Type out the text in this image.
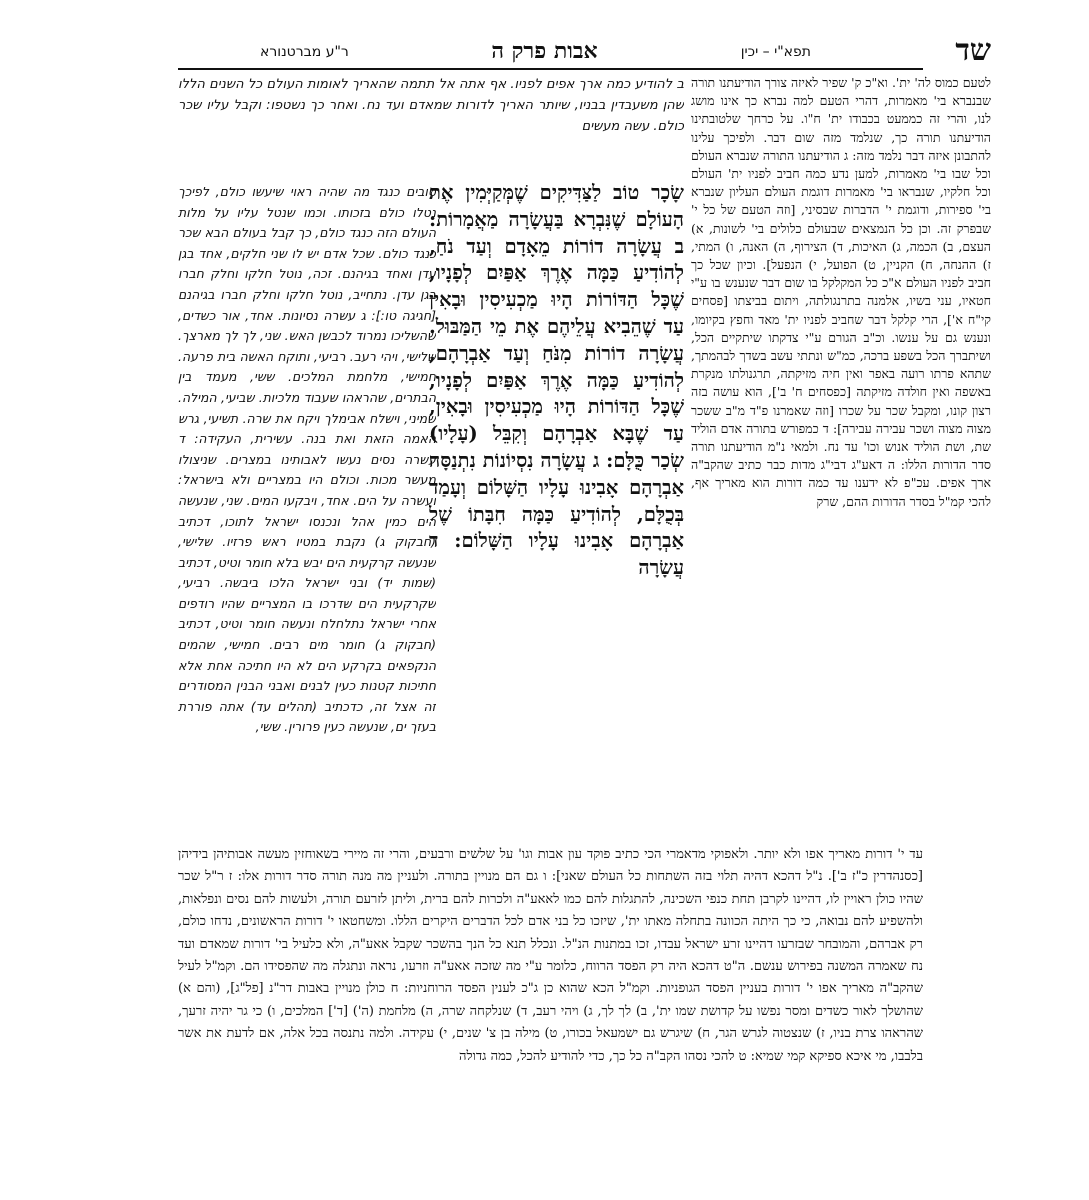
שד
תפא"י – יכין
אבות פרק ה
ר"ע מברטנורא
לטעם כמוס לה' ית'. וא"כ ק' שפיר לאיזה צורך הודיעתנו תורה שבנברא בי' מאמרות, דהרי הטעם למה נברא כך אינו מושג לנו, והרי זה כממעט בכבודו ית' ח"ו. על כרחך שלטובתינו הודיעתנו תורה כך, שנלמד מזה שום דבר. ולפיכך עלינו להתבונן איזה דבר נלמד מזה: ג הודיעתנו התורה שנברא העולם וכל שבו בי' מאמרות, למען נדע כמה חביב לפניו ית' העולם וכל חלקיו, שנבראו בי' מאמרות דוגמת העולם העליון שנברא בי' ספירות, ודוגמת י' הדברות שבסיני, [וזה הטעם של כל י' שבפרק זה. וכן כל הנמצאים שבעולם כלולים בי' לשונות, א) העצם, ב) הכמה, ג) האיכות, ד) הצירוף, ה) האנה, ו) המתי, ז) ההנחה, ח) הקניין, ט) הפועל, י) הנפעל]. וכיון שכל כך חביב לפניו העולם א"כ כל המקלקל בו שום דבר שנענש בו ע"י חטאיו, עני בשיו, אלמנה בתרנגולתה, ויתום בביצתו [פסחים קי"ח א'], הרי קלקל דבר שחביב לפניו ית' מאד וחפץ בקיומו, ונענש גם על ענשו. וכ"ב הגורם ע"י צדקתו שיתקיים הכל, ושיתברך הכל בשפע ברכה, כמ"ש ונתתי עשב בשדך לבהמתך, שתהא פרתו רועה באפר ואין חיה מזיקתה, תרגנולתו מנקרת באשפה ואין חולדה מזיקתה [כפסחים ח' ב'], הוא עושה בזה רצון קונו, ומקבל שכר על שכרו [וזה שאמרנו פ"ד מ"ב ששכר מצוה מצוה ושכר עבירה עבירה]: ד כמפורש בתורה אדם הוליד שת, ושת הוליד אנוש וכו' עד נח. ולמאי נ"מ הודיעתנו תורה סדר הדורות הללו: ה דאע"ג דבי"ג מדות כבר כתיב שהקב"ה ארך אפים. עכ"פ לא ידענו עד כמה דורות הוא מאריך אף, להכי קמ"ל בסדר הדורות ההם, שרק
ב להודיע כמה ארך אפים לפניו. אף אתה אל תתמה שהאריך לאומות העולם כל השנים הללו שהן משעבדין בבניו, שיותר האריך לדורות שמאדם ועד נח. ואחר כך נשטפו: וקבל עליו שכר כולם. עשה מעשים
שָׂכָר טוֹב לַצַּדִּיקִים שֶׁמְּקַיְּמִין אֶת הָעוֹלָם שֶׁנִּבְרָא בַּעֲשָׂרָה מַאֲמָרוֹת: ב עֲשָׂרָה דוֹרוֹת מֵאָדָם וְעַד נֹחַ, לְהוֹדִיעַ כַּמָּה אֶרֶךְ אַפַּיִם לְפָנָיו, שֶׁכָּל הַדּוֹרוֹת הָיוּ מַכְעִיסִין וּבָאִין עַד שֶׁהֵבִיא עֲלֵיהֶם אֶת מֵי הַמַּבּוּל. עֲשָׂרָה דוֹרוֹת מִנֹּחַ וְעַד אַבְרָהָם, לְהוֹדִיעַ כַּמָּה אֶרֶךְ אַפַּיִם לְפָנָיו, שֶׁכָּל הַדּוֹרוֹת הָיוּ מַכְעִיסִין וּבָאִין, עַד שֶׁבָּא אַבְרָהָם וְקִבֵּל (עָלָיו) שְׂכַר כֻּלָּם: ג עֲשָׂרָה נִסְיוֹנוֹת נִתְנַסָּה אַבְרָהָם אָבִינוּ עָלָיו הַשָּׁלוֹם וְעָמַד בְּכֻלָּם, לְהוֹדִיעַ כַּמָּה חִבָּתוֹ שֶׁל אַבְרָהָם אָבִינוּ עָלָיו הַשָּׁלוֹם: ד עֲשָׂרָה
טובים כנגד מה שהיה ראוי שיעשו כולם, לפיכך נטלו כולם בזכותו. וכמו שנטל עליו על מלות העולם הזה כנגד כולם, כך קבל בעולם הבא שכר כנגד כולם. שכל אדם יש לו שני חלקים, אחד בגן עדן ואחד בגיהנם. זכה, נוטל חלקו וחלק חברו בגן עדן. נתחייב, נוטל חלקו וחלק חברו בגיהנם [חגיגה טו:]: ג עשרה נסיונות. אחד, אור כשדים, שהשליכו נמרוד לכבשן האש. שני, לך לך מארצך. שלישי, ויהי רעב. רביעי, ותוקח האשה בית פרעה. חמישי, מלחמת המלכים. ששי, מעמד בין הבתרים, שהראהו שעבוד מלכיות. שביעי, המילה. שמיני, וישלח אבימלך ויקח את שרה. תשיעי, גרש האמה הזאת ואת בנה. עשירית, העקידה: ד עשרה נסים נעשו לאבותינו במצרים. שניצולו מעשר מכות. וכולם היו במצריים ולא בישראל: ועשרה על הים. אחד, ויבקעו המים. שני, שנעשה הים כמין אהל ונכנסו ישראל לתוכו, דכתיב (חבקוק ג) נקבת במטיו ראש פרזיו. שלישי, שנעשה קרקעית הים יבש בלא חומר וטיט, דכתיב (שמות יד) ובני ישראל הלכו ביבשה. רביעי, שקרקעית הים שדרכו בו המצריים שהיו רודפים אחרי ישראל נתלחלח ונעשה חומר וטיט, דכתיב (חבקוק ג) חומר מים רבים. חמישי, שהמים הנקפאים בקרקע הים לא היו חתיכה אחת אלא חתיכות קטנות כעין לבנים ואבני הבנין המסודרים זה אצל זה, כדכתיב (תהלים עד) אתה פוררת בעזך ים, שנעשה כעין פרורין. ששי,
עד י' דורות מאריך אפו ולא יותר. ולאפוקי מדאמרי הכי כתיב פוקד עון אבות וגו' על שלשים ורבעים, והרי זה מיירי בשאוחזין מעשה אבותיהן בידיהן [כסנהדרין כ"ז ב']. נ"ל דהכא דהיה תלוי בזה השתחות כל העולם שאני]: ו גם הם מנויין בתורה. ולעניין מה מנה תורה סדר דורות אלו: ז ר"ל שכר שהיו כולן ראויין לו, דהיינו לקרבן תחת כנפי השכינה, להתגלות להם כמו לאאע"ה ולכרות להם ברית, וליתן לזרעם תורה, ולעשות להם נסים ונפלאות, ולהשפיע להם נבואה, כי כך היתה הכוונה בתחלה מאתו ית', שיזכו כל בני אדם לכל הדברים היקרים הללו. ומשחטאו י' דורות הראשונים, נדחו כולם, רק אברהם, והמובחר שבזרעו דהיינו זרע ישראל עבדו, זכו במתנות הנ"ל. ונכלל תנא כל הנך בהשכר שקבל אאע"ה, ולא כלעיל בי' דורות שמאדם ועד נח שאמרה המשנה בפירוש ענשם. ה"ט דהכא היה רק הפסד הרווח, כלומר ע"י מה שזכה אאע"ה וזרעו, נראה ונתגלה מה שהפסידו הם. וקמ"ל לעיל שהקב"ה מאריך אפו י' דורות בעניין הפסד הגופניות. וקמ"ל הכא שהוא כן ג"כ לענין הפסד הרוחניות: ח כולן מנויין באבות דר"נ [פל"ג], (והם א) שהושלך לאור כשדים ומסר נפשו על קדושת שמו ית', ב) לך לך, ג) ויהי רעב, ד) שנלקחה שרה, ה) מלחמת (ה') [ד'] המלכים, ו) כי גר יהיה זרעך, שהראהו צרת בניו, ז) שנצטוה לגרש הגר, ח) שיגרש גם ישמעאל בכורו, ט) מילה בן צ' שנים, י) עקידה. ולמה נתנסה בכל אלה, אם לדעת את אשר בלבבו, מי איכא ספיקא קמי שמיא: ט להכי נסהו הקב"ה כל כך, כדי להודיע להכל, כמה גדולה
